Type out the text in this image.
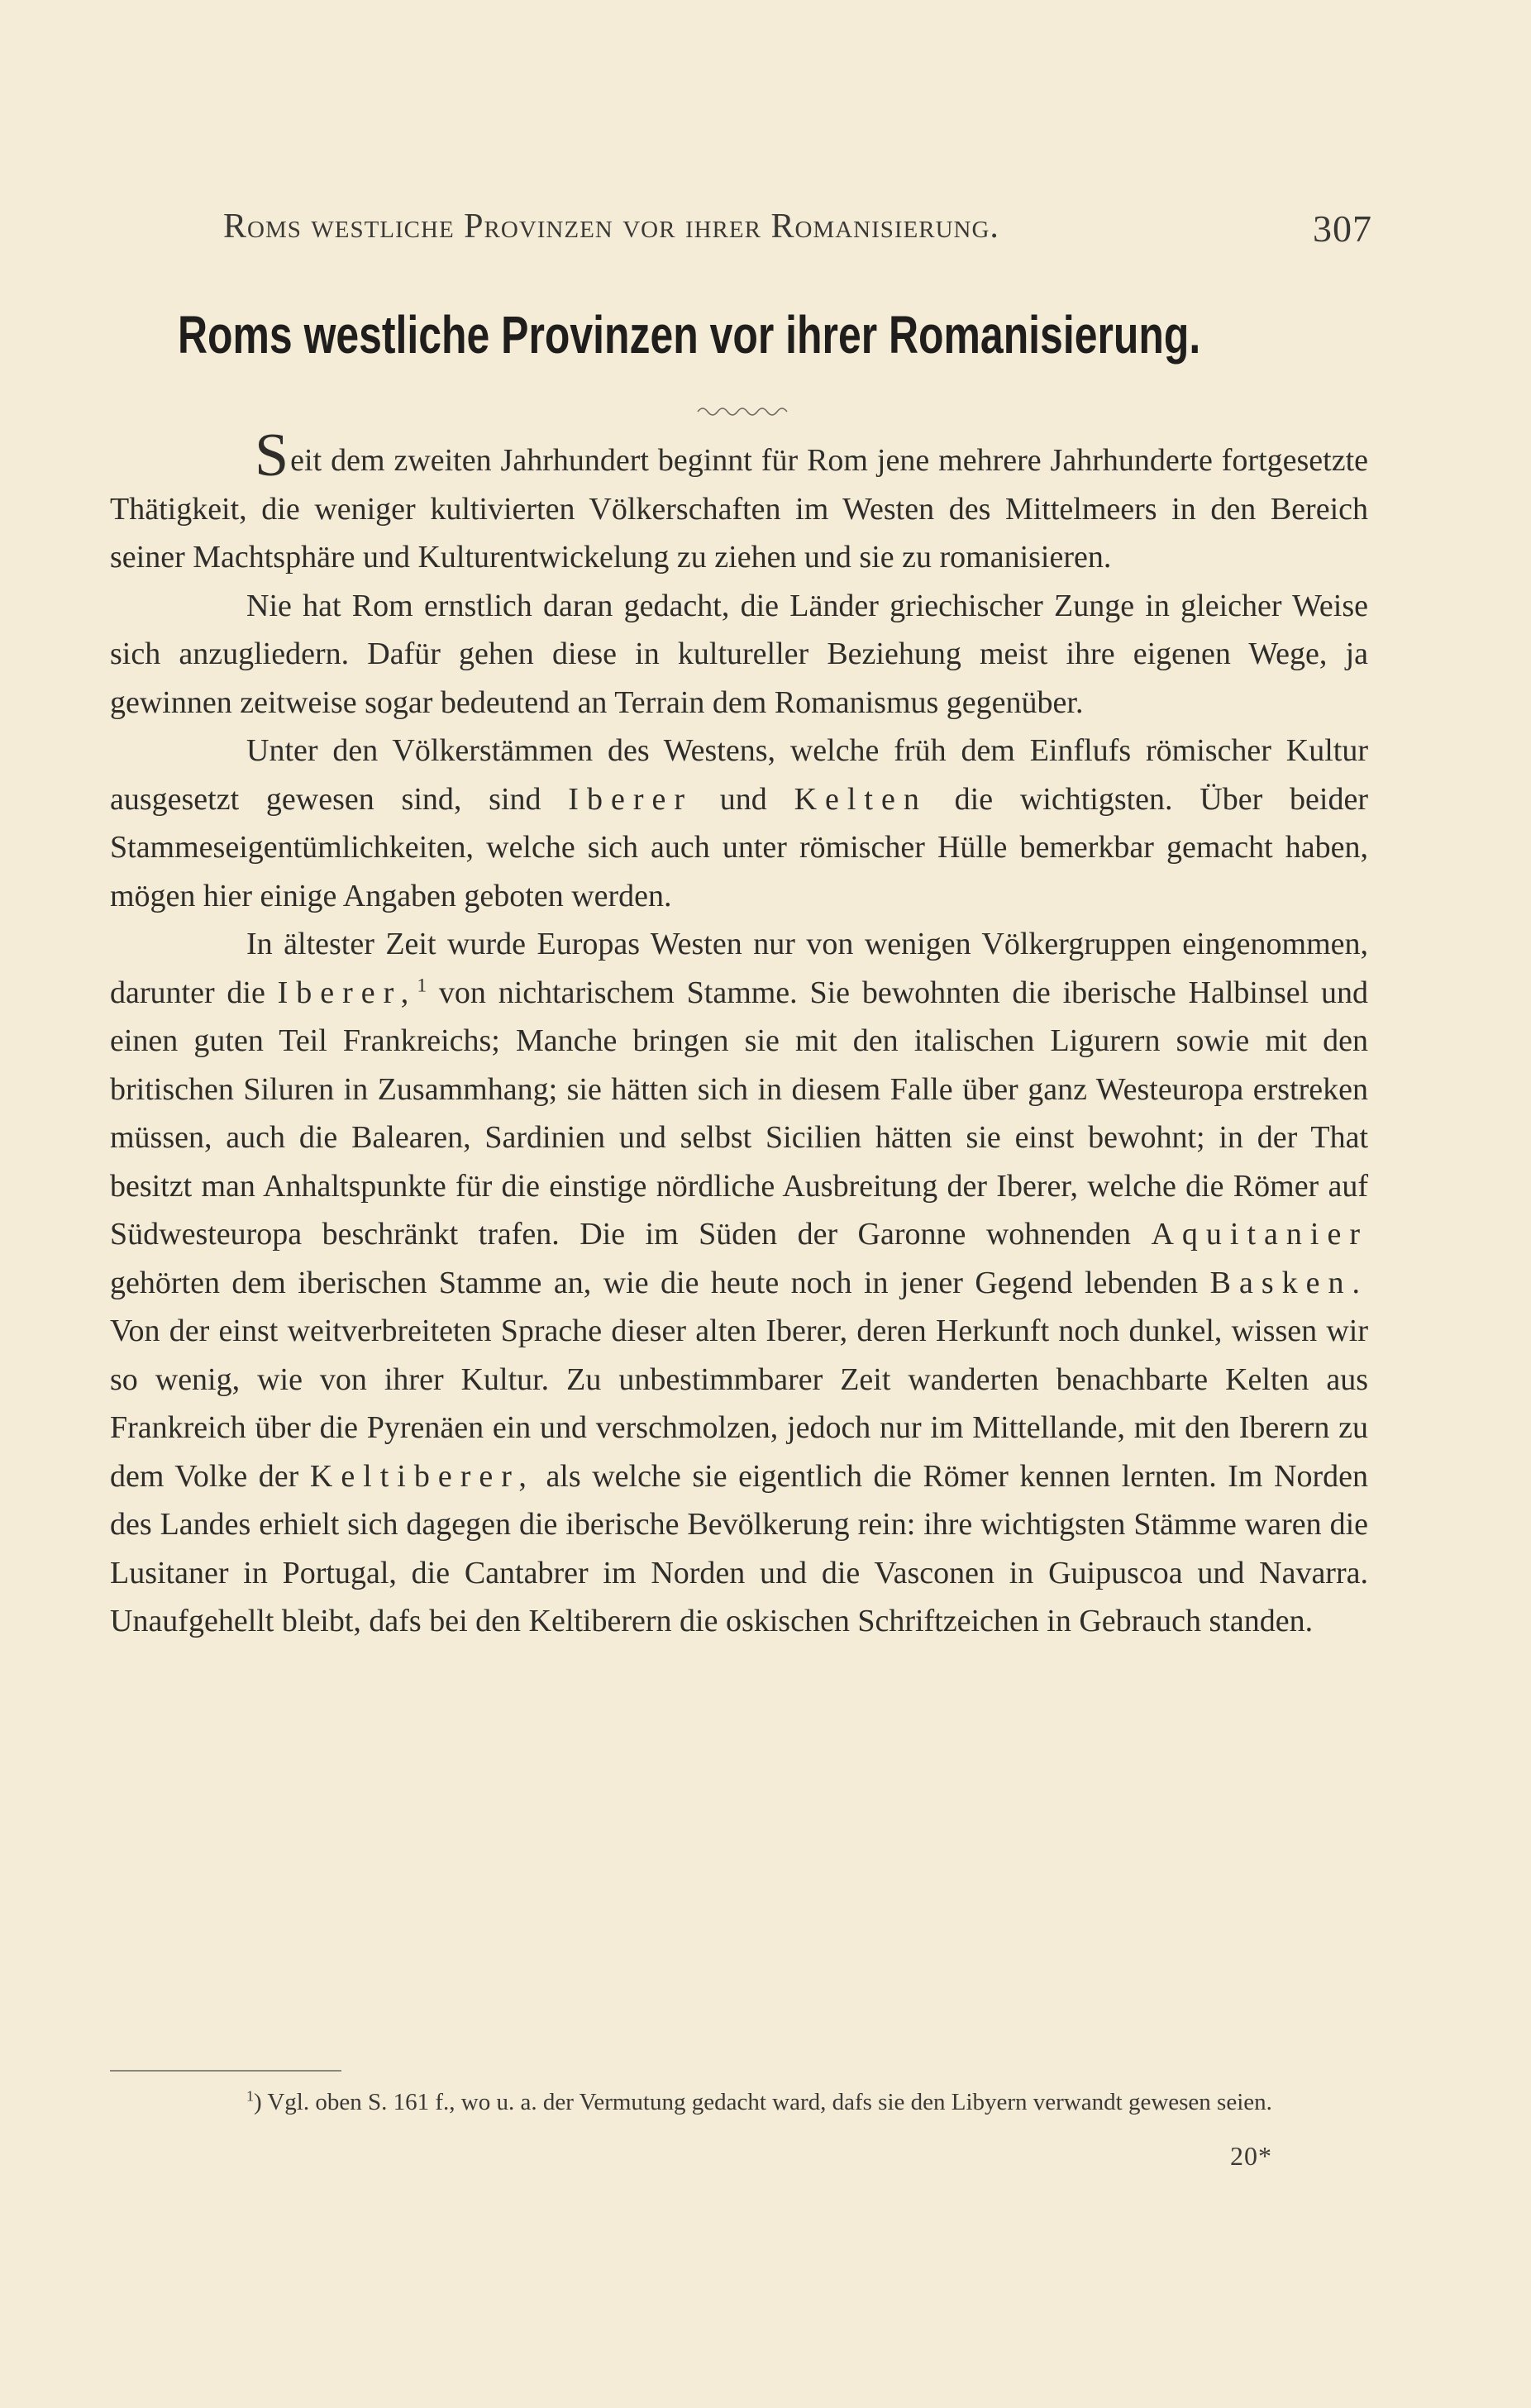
Roms westliche Provinzen vor ihrer Romanisierung.	307
Roms westliche Provinzen vor ihrer Romanisierung.

Seit dem zweiten Jahrhundert beginnt für Rom jene mehrere Jahrhunderte fortgesetzte Thätigkeit, die weniger kultivierten Völkerschaften im Westen des Mittelmeers in den Bereich seiner Machtsphäre und Kulturentwickelung zu ziehen und sie zu romanisieren.

Nie hat Rom ernstlich daran gedacht, die Länder griechischer Zunge in gleicher Weise sich anzugliedern. Dafür gehen diese in kultureller Beziehung meist ihre eigenen Wege, ja gewinnen zeitweise sogar bedeutend an Terrain dem Romanismus gegenüber.

Unter den Völkerstämmen des Westens, welche früh dem Einflufs römischer Kultur ausgesetzt gewesen sind, sind Iberer und Kelten die wichtigsten. Über beider Stammeseigentümlichkeiten, welche sich auch unter römischer Hülle bemerkbar gemacht haben, mögen hier einige Angaben geboten werden.

In ältester Zeit wurde Europas Westen nur von wenigen Völkergruppen eingenommen, darunter die Iberer,$^1$ von nichtarischem Stamme. Sie bewohnten die iberische Halbinsel und einen guten Teil Frankreichs; Manche bringen sie mit den italischen Ligurern sowie mit den britischen Siluren in Zusammhang; sie hätten sich in diesem Falle über ganz Westeuropa erstreken müssen, auch die Balearen, Sardinien und selbst Sicilien hätten sie einst bewohnt; in der That besitzt man Anhaltspunkte für die einstige nördliche Ausbreitung der Iberer, welche die Römer auf Südwesteuropa beschränkt trafen. Die im Süden der Garonne wohnenden Aquitanier gehörten dem iberischen Stamme an, wie die heute noch in jener Gegend lebenden Basken. Von der einst weitverbreiteten Sprache dieser alten Iberer, deren Herkunft noch dunkel, wissen wir so wenig, wie von ihrer Kultur. Zu unbestimmbarer Zeit wanderten benachbarte Kelten aus Frankreich über die Pyrenäen ein und verschmolzen, jedoch nur im Mittellande, mit den Iberern zu dem Volke der Keltiberer, als welche sie eigentlich die Römer kennen lernten. Im Norden des Landes erhielt sich dagegen die iberische Bevölkerung rein: ihre wichtigsten Stämme waren die Lusitaner in Portugal, die Cantabrer im Norden und die Vasconen in Guipuscoa und Navarra. Unaufgehellt bleibt, dafs bei den Keltiberern die oskischen Schriftzeichen in Gebrauch standen.

$^1$) Vgl. oben S. 161 f., wo u. a. der Vermutung gedacht ward, dafs sie den Libyern verwandt gewesen seien.
20*
